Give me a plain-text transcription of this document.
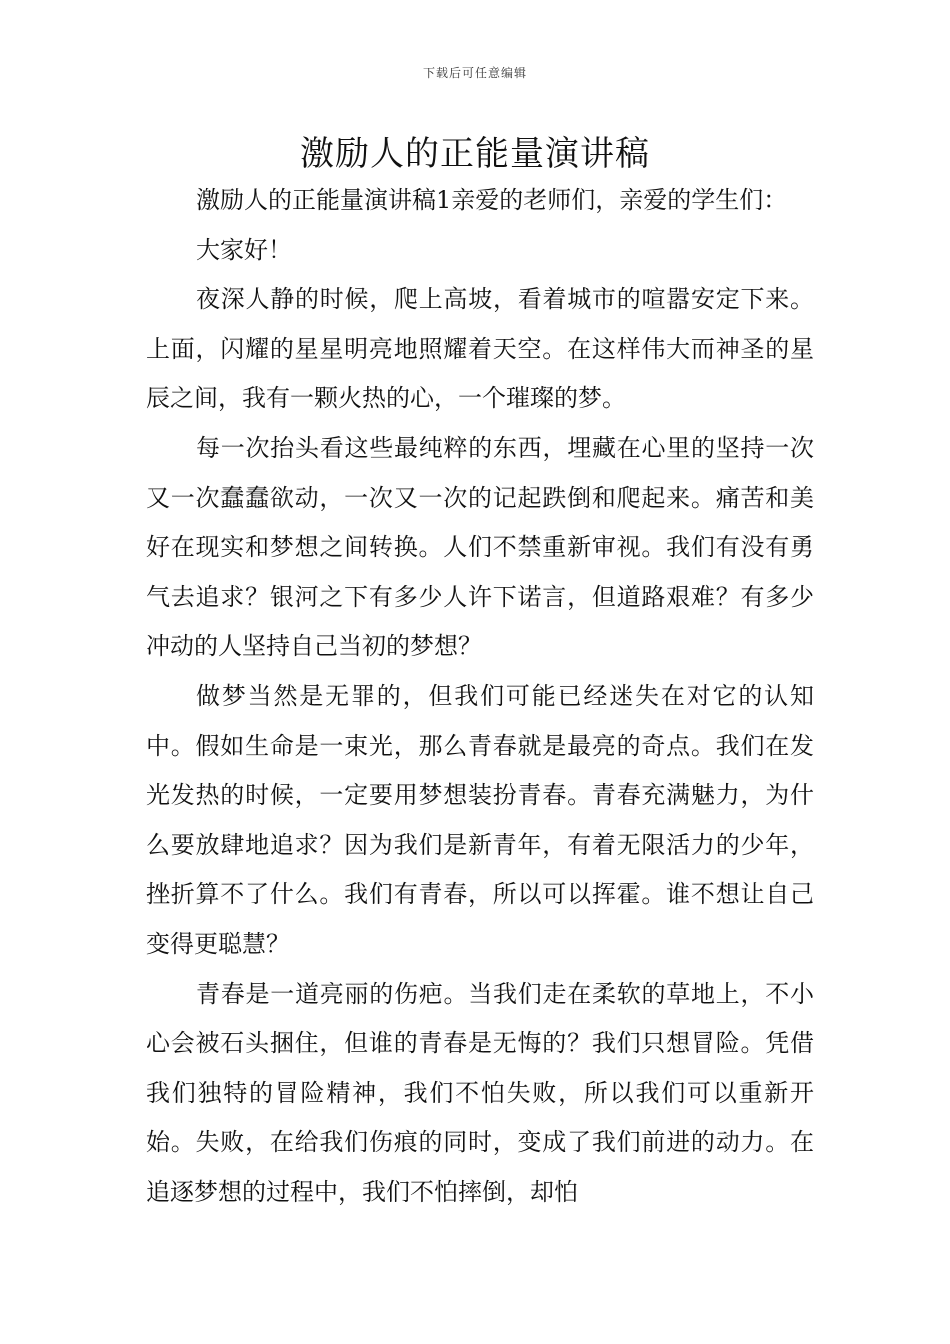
下载后可任意编辑
激励人的正能量演讲稿

激励人的正能量演讲稿1亲爱的老师们，亲爱的学生们：

大家好！

夜深人静的时候，爬上高坡，看着城市的喧嚣安定下来。上面，闪耀的星星明亮地照耀着天空。在这样伟大而神圣的星辰之间，我有一颗火热的心，一个璀璨的梦。

每一次抬头看这些最纯粹的东西，埋藏在心里的坚持一次又一次蠢蠢欲动，一次又一次的记起跌倒和爬起来。痛苦和美好在现实和梦想之间转换。人们不禁重新审视。我们有没有勇气去追求？银河之下有多少人许下诺言，但道路艰难？有多少冲动的人坚持自己当初的梦想？

做梦当然是无罪的，但我们可能已经迷失在对它的认知中。假如生命是一束光，那么青春就是最亮的奇点。我们在发光发热的时候，一定要用梦想装扮青春。青春充满魅力，为什么要放肆地追求？因为我们是新青年，有着无限活力的少年，挫折算不了什么。我们有青春，所以可以挥霍。谁不想让自己变得更聪慧？

青春是一道亮丽的伤疤。当我们走在柔软的草地上，不小心会被石头捆住，但谁的青春是无悔的？我们只想冒险。凭借我们独特的冒险精神，我们不怕失败，所以我们可以重新开始。失败，在给我们伤痕的同时，变成了我们前进的动力。在追逐梦想的过程中，我们不怕摔倒，却怕
